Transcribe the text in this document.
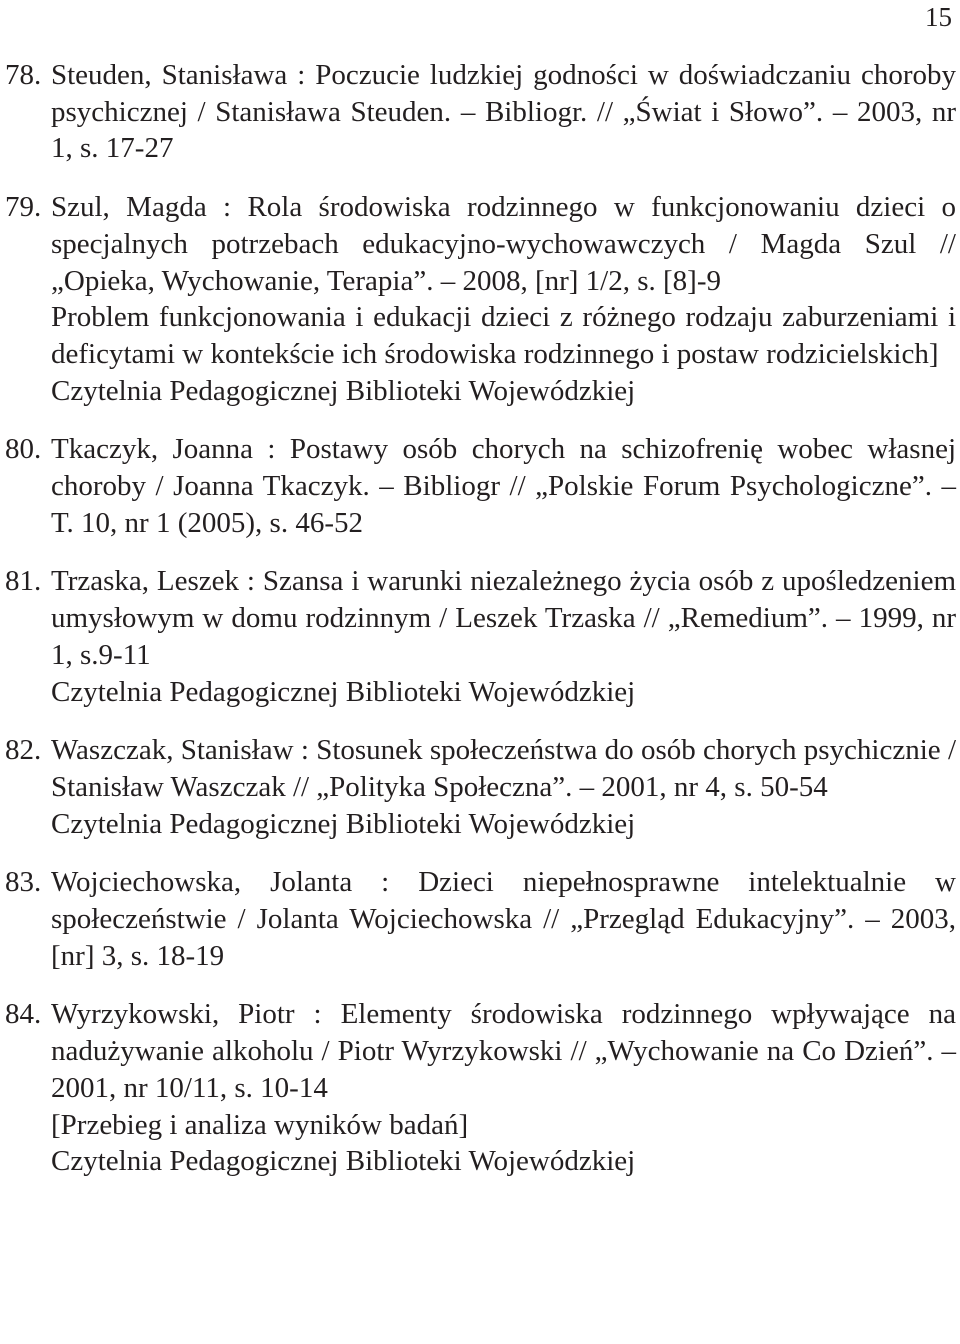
15
78. Steuden, Stanisława : Poczucie ludzkiej godności w doświadczaniu choroby psychicznej / Stanisława Steuden. – Bibliogr. // „Świat i Słowo”. – 2003, nr 1, s. 17-27

79. Szul, Magda : Rola środowiska rodzinnego w funkcjonowaniu dzieci o specjalnych potrzebach edukacyjno-wychowawczych / Magda Szul // „Opieka, Wychowanie, Terapia”. – 2008, [nr] 1/2, s. [8]-9

Problem funkcjonowania i edukacji dzieci z różnego rodzaju zaburzeniami i deficytami w kontekście ich środowiska rodzinnego i postaw rodzicielskich]

Czytelnia Pedagogicznej Biblioteki Wojewódzkiej

80. Tkaczyk, Joanna : Postawy osób chorych na schizofrenię wobec własnej choroby / Joanna Tkaczyk. – Bibliogr // „Polskie Forum Psychologiczne”. – T. 10, nr 1 (2005), s. 46-52

81. Trzaska, Leszek : Szansa i warunki niezależnego życia osób z upośledzeniem umysłowym w domu rodzinnym / Leszek Trzaska // „Remedium”. – 1999, nr 1, s.9-11

Czytelnia Pedagogicznej Biblioteki Wojewódzkiej

82. Waszczak, Stanisław : Stosunek społeczeństwa do osób chorych psychicznie / Stanisław Waszczak // „Polityka Społeczna”. – 2001, nr 4, s. 50-54

Czytelnia Pedagogicznej Biblioteki Wojewódzkiej

83. Wojciechowska, Jolanta : Dzieci niepełnosprawne intelektualnie w społeczeństwie / Jolanta Wojciechowska // „Przegląd Edukacyjny”. – 2003, [nr] 3, s. 18-19

84. Wyrzykowski, Piotr : Elementy środowiska rodzinnego wpływające na nadużywanie alkoholu / Piotr Wyrzykowski // „Wychowanie na Co Dzień”. – 2001, nr 10/11, s. 10-14

[Przebieg i analiza wyników badań]

Czytelnia Pedagogicznej Biblioteki Wojewódzkiej
